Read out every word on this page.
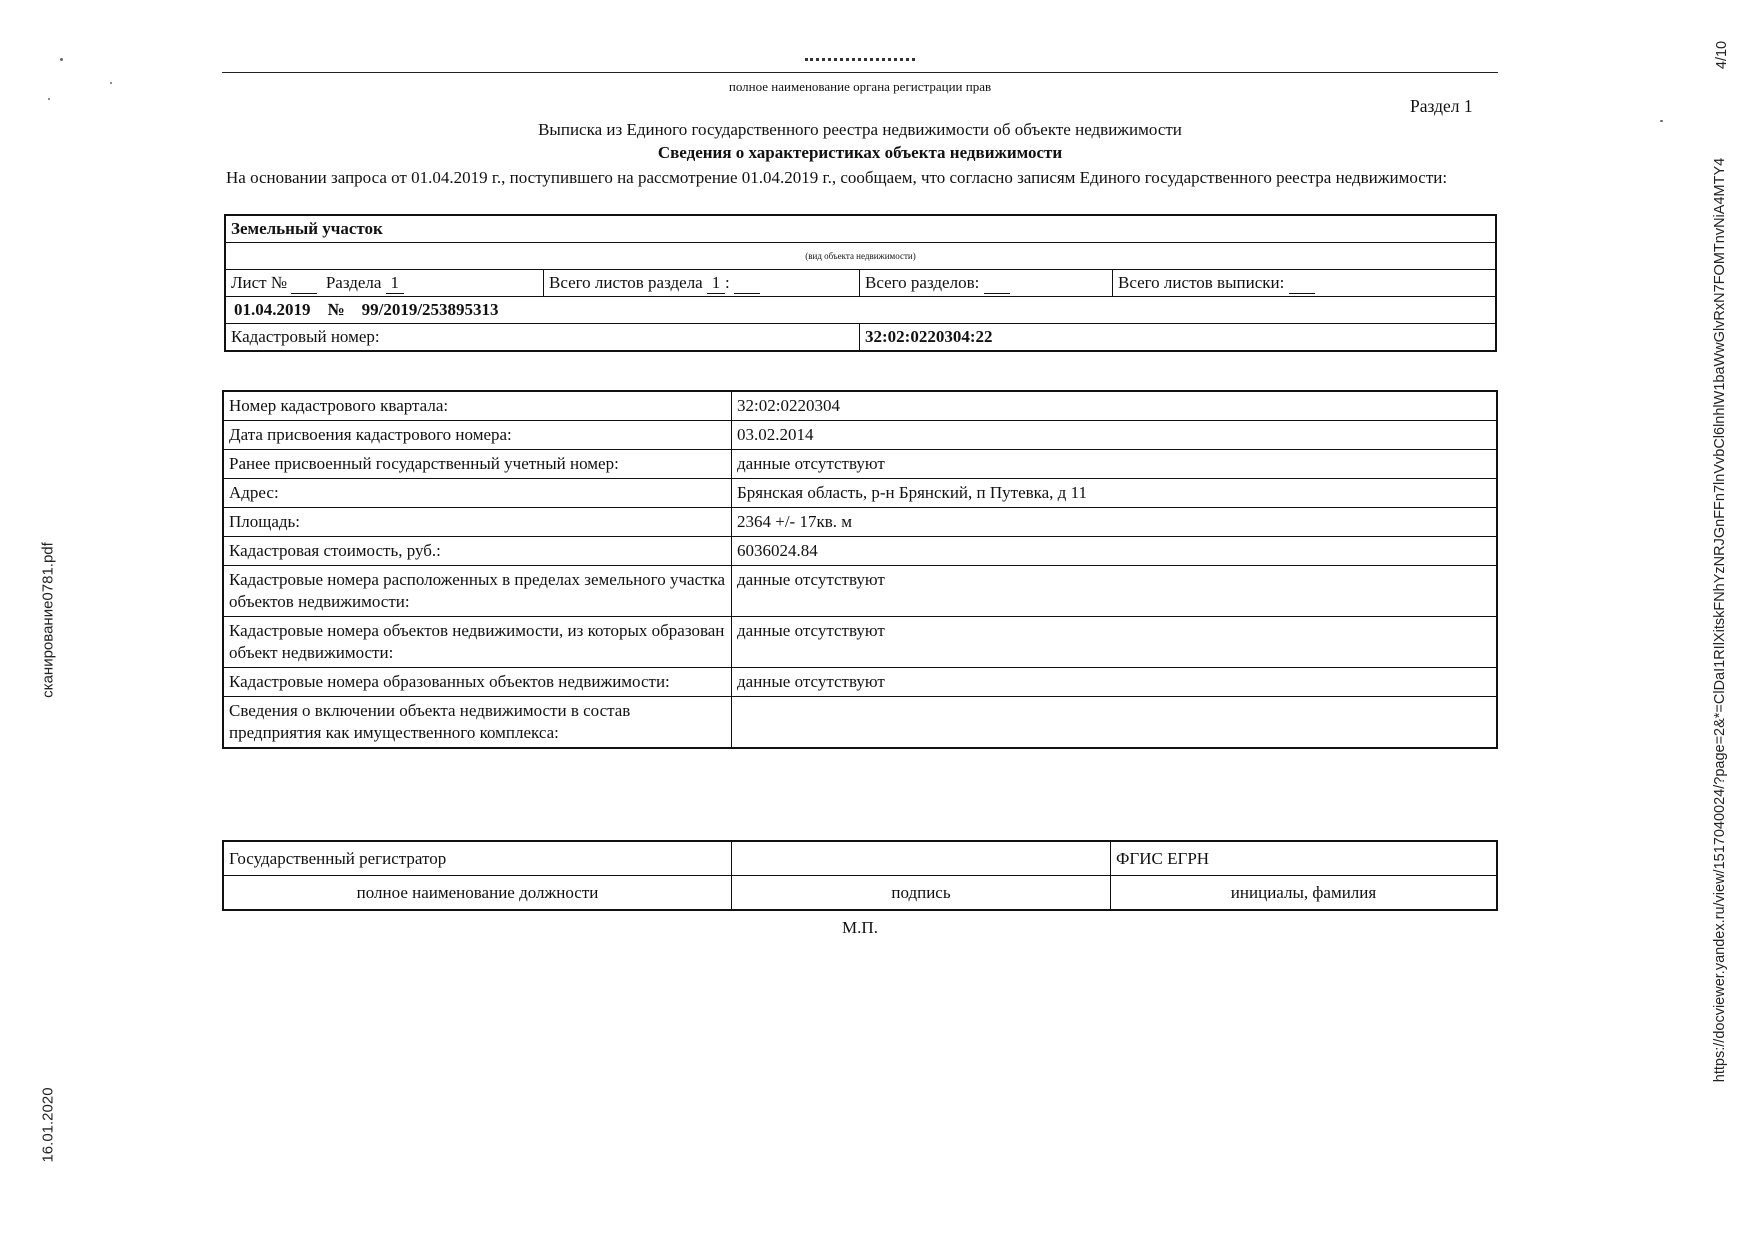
сканирование0781.pdf
16.01.2020
4/10
https://docviewer.yandex.ru/view/1517040024/?page=2&*=ClDaI1RIlXitskFNhYzNRJGnFFn7lnVvbCl6lnhlW1baWwGlvRxN7FOMTnvNiA4MTY4
полное наименование органа регистрации прав
Раздел 1
Выписка из Единого государственного реестра недвижимости об объекте недвижимости
Сведения о характеристиках объекта недвижимости
На основании запроса от 01.04.2019 г., поступившего на рассмотрение 01.04.2019 г., сообщаем, что согласно записям Единого государственного реестра недвижимости:
Земельный участок			
(вид объекта недвижимости)			
Лист № Раздела 1	Всего листов раздела 1 :	Всего разделов:	Всего листов выписки:
01.04.2019 № 99/2019/253895313			
Кадастровый номер:		32:02:0220304:22	
Номер кадастрового квартала:	32:02:0220304
Дата присвоения кадастрового номера:	03.02.2014
Ранее присвоенный государственный учетный номер:	данные отсутствуют
Адрес:	Брянская область, р-н Брянский, п Путевка, д 11
Площадь:	2364 +/- 17кв. м
Кадастровая стоимость, руб.:	6036024.84
Кадастровые номера расположенных в пределах земельного участка объектов недвижимости:	данные отсутствуют
Кадастровые номера объектов недвижимости, из которых образован объект недвижимости:	данные отсутствуют
Кадастровые номера образованных объектов недвижимости:	данные отсутствуют
Сведения о включении объекта недвижимости в состав предприятия как имущественного комплекса:	
Государственный регистратор		ФГИС ЕГРН
полное наименование должности	подпись	инициалы, фамилия
М.П.
